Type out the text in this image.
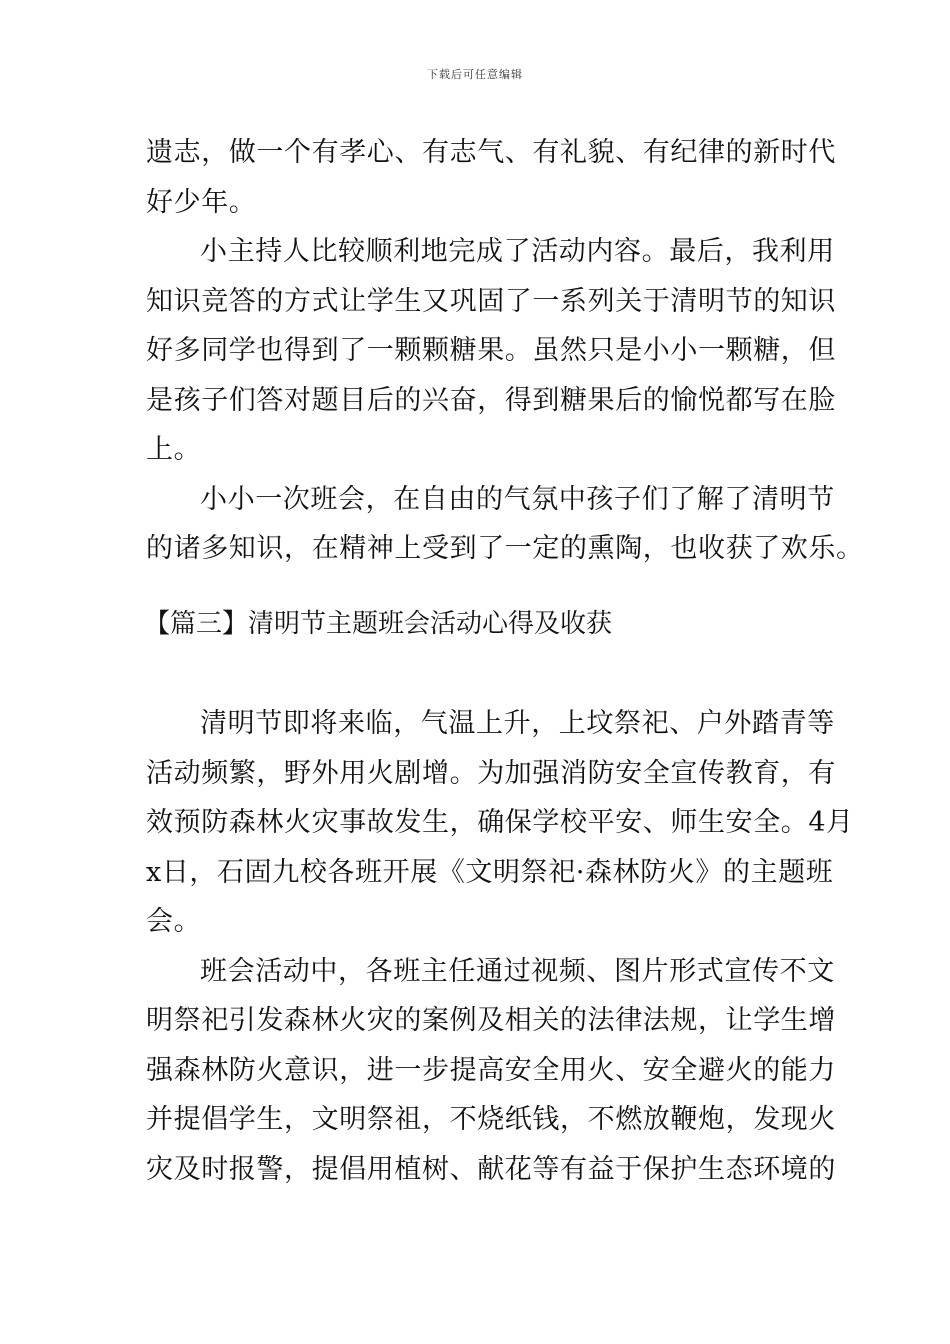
下载后可任意编辑
遗志，做一个有孝心、有志气、有礼貌、有纪律的新时代
好少年。
小主持人比较顺利地完成了活动内容。最后，我利用
知识竞答的方式让学生又巩固了一系列关于清明节的知识
好多同学也得到了一颗颗糖果。虽然只是小小一颗糖，但
是孩子们答对题目后的兴奋，得到糖果后的愉悦都写在脸
上。
小小一次班会，在自由的气氛中孩子们了解了清明节
的诸多知识，在精神上受到了一定的熏陶，也收获了欢乐。
【篇三】清明节主题班会活动心得及收获
清明节即将来临，气温上升，上坟祭祀、户外踏青等
活动频繁，野外用火剧增。为加强消防安全宣传教育，有
效预防森林火灾事故发生，确保学校平安、师生安全。4月
x日，石固九校各班开展《文明祭祀·森林防火》的主题班
会。
班会活动中，各班主任通过视频、图片形式宣传不文
明祭祀引发森林火灾的案例及相关的法律法规，让学生增
强森林防火意识，进一步提高安全用火、安全避火的能力
并提倡学生，文明祭祖，不烧纸钱，不燃放鞭炮，发现火
灾及时报警，提倡用植树、献花等有益于保护生态环境的
